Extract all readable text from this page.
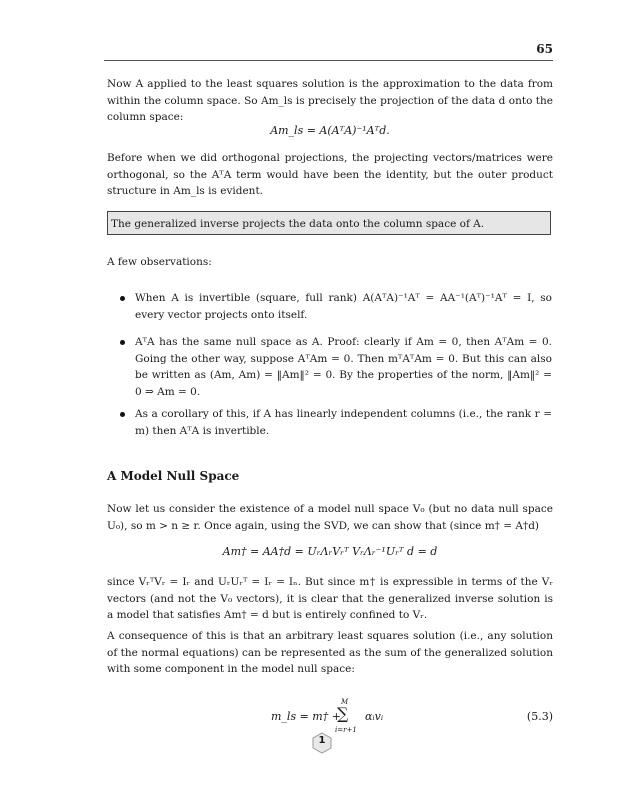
65
Now A applied to the least squares solution is the approximation to the data from within the column space. So Am_ls is precisely the projection of the data d onto the column space:
Am_ls = A(AᵀA)⁻¹Aᵀd.
Before when we did orthogonal projections, the projecting vectors/matrices were orthogonal, so the AᵀA term would have been the identity, but the outer product structure in Am_ls is evident.
The generalized inverse projects the data onto the column space of A.
A few observations:
When A is invertible (square, full rank) A(AᵀA)⁻¹Aᵀ = AA⁻¹(Aᵀ)⁻¹Aᵀ = I, so every vector projects onto itself.
AᵀA has the same null space as A. Proof: clearly if Am = 0, then AᵀAm = 0. Going the other way, suppose AᵀAm = 0. Then mᵀAᵀAm = 0. But this can also be written as (Am, Am) = ‖Am‖² = 0. By the properties of the norm, ‖Am‖² = 0 ⇒ Am = 0.
As a corollary of this, if A has linearly independent columns (i.e., the rank r = m) then AᵀA is invertible.
A Model Null Space
Now let us consider the existence of a model null space V₀ (but no data null space U₀), so m > n ≥ r. Once again, using the SVD, we can show that (since m† = A†d)
Am† = AA†d = UᵣΛᵣVᵣᵀ VᵣΛᵣ⁻¹Uᵣᵀ d = d
since VᵣᵀVᵣ = Iᵣ and UᵣUᵣᵀ = Iᵣ = Iₙ. But since m† is expressible in terms of the Vᵣ vectors (and not the V₀ vectors), it is clear that the generalized inverse solution is a model that satisfies Am† = d but is entirely confined to Vᵣ.
A consequence of this is that an arbitrary least squares solution (i.e., any solution of the normal equations) can be represented as the sum of the generalized solution with some component in the model null space:
m_ls = m† +
M
∑
i=r+1
αᵢvᵢ	(5.3)
1
